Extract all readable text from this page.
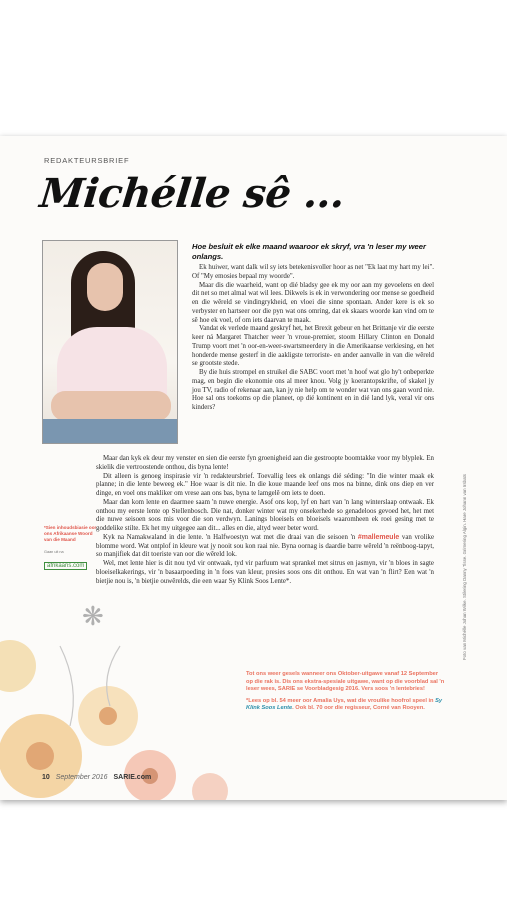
REDAKTEURSBRIEF
Michélle sê ...

Hoe besluit ek elke maand waaroor ek skryf, vra 'n leser my weer onlangs.

Ek huiwer, want dalk wil sy iets betekenisvoller hoor as net "Ek laat my hart my lei". Of "My emosies bepaal my woorde".

Maar dis die waarheid, want op dié bladsy gee ek my oor aan my gevoelens en deel dit net so met almal wat wil lees. Dikwels is ek in verwondering oor mense se goedheid en die wêreld se vindingrykheid, en vloei die sinne spontaan. Ander kere is ek so verbyster en hartseer oor die pyn wat ons omring, dat ek skaars woorde kan vind om te sê hoe ek voel, of om iets daarvan te maak.

Vandat ek verlede maand geskryf het, het Brexit gebeur en het Brittanje vir die eerste keer ná Margaret Thatcher weer 'n vroue-premier, stoom Hillary Clinton en Donald Trump voort met 'n oor-en-weer-swartsmeerdery in die Amerikaanse verkiesing, en het honderde mense gesterf in die aakligste terroriste- en ander aanvalle in van die wêreld se grootste stede.

By die huis strompel en struikel die SABC voort met 'n hoof wat glo hy't onbeperkte mag, en begin die ekonomie ons al meer knou. Volg jy koerantopskrifte, of skakel jy jou TV, radio of rekenaar aan, kan jy nie help om te wonder wat van ons gaan word nie. Hoe sal ons toekoms op die planeet, op dié kontinent en in dié land lyk, veral vir ons kinders?

Maar dan kyk ek deur my venster en sien die eerste fyn groenigheid aan die gestroopte boomtakke voor my blyplek. En skielik die vertroostende onthou, dis byna lente!

Dit alleen is genoeg inspirasie vir 'n redakteursbrief. Toevallig lees ek onlangs dié séding: "In die winter maak ek planne; in die lente beweeg ek." Hoe waar is dit nie. In die koue maande leef ons mos na binne, dink ons diep en ver dinge, en voel ons makliker om vrese aan ons bas, byna te lamgelê om iets te doen.

Maar dan kom lente en daarmee saam 'n nuwe energie. Asof ons kop, lyf en hart van 'n lang winterslaap ontwaak. Ek onthou my eerste lente op Stellenbosch. Die nat, donker winter wat my onsekerhede so genadeloos gevoed het, het met die nuwe seisoen soos mis voor die son verdwyn. Lanings bloeisels en bloeisels waaromheen ek roei gesing met te goddelike stilte. Ek het my uitgegee aan dit... alles en die, altyd weer beter word.

Kyk na Namakwaland in die lente. 'n Halfwoestyn wat met die draai van die seisoen 'n #mallemeule van vrolike blomme word. Wat ontplof in kleure wat jy nooit sou kon raai nie. Byna oornag is daardie barre wêreld 'n reënboog-tapyt, so manjifiek dat dit toeriste van oor die wêreld lok.

Wel, met lente hier is dit nou tyd vir ontwaak, tyd vir parfuum wat sprankel met sitrus en jasmyn, vir 'n bloes in sagte bloeiselkakerings, vir 'n basaarpoeding in 'n foes van kleur, presies soos ons dit onthou. En wat van 'n flirt? Een wat 'n bietjie nou is, 'n bietjie ouwêrelds, die een waar Sy Klink Soos Lente*.

*Sien inhoudsbiasie oor ons Afrikaanse Woord van die Maand
Gaan uit na
afrikaans.com
❋

Tot ons weer gesels wanneer ons Oktober-uitgawe vanaf 12 September op die rak is. Dis ons ekstra-spesiale uitgawe, want op die voorblad sal 'n leser wees, SARIE se Voorbladgesig 2016. Vers soos 'n lentebries!

*Lees op bl. 54 meer oor Amalia Uys, wat die vroulike hoofrol speel in Sy Klink Soos Lente. Ook bl. 70 oor die regisseur, Corné van Rooyen.

10 September 2016 SARIE.com
Foto van Michélle Johan Wilke. Stilering Danny Tisse. Grimering Algin. Hare Johann van Irsbats
